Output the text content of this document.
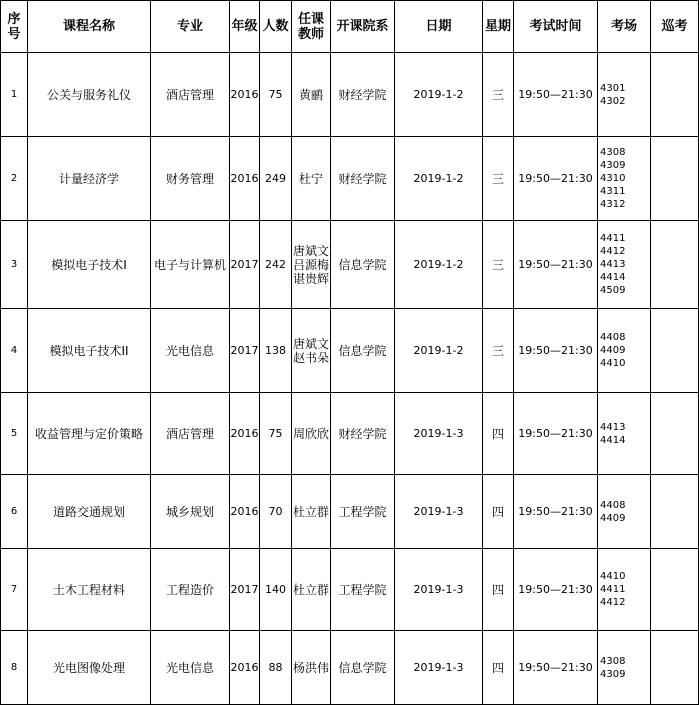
序
号	课程名称	专业	年级	人数	任课
教师	开课院系	日期	星期	考试时间	考场	巡考
1	公关与服务礼仪	酒店管理	2016	75	黄鹂	财经学院	2019-1-2	三	19:50—21:30	4301
4302	
2	计量经济学	财务管理	2016	249	杜宁	财经学院	2019-1-2	三	19:50—21:30	4308
4309
4310
4311
4312	
3	模拟电子技术I	电子与计算机	2017	242	唐斌文
吕源梅
谌贵辉	信息学院	2019-1-2	三	19:50—21:30	4411
4412
4413
4414
4509	
4	模拟电子技术II	光电信息	2017	138	唐斌文
赵书朵	信息学院	2019-1-2	三	19:50—21:30	4408
4409
4410	
5	收益管理与定价策略	酒店管理	2016	75	周欣欣	财经学院	2019-1-3	四	19:50—21:30	4413
4414	
6	道路交通规划	城乡规划	2016	70	杜立群	工程学院	2019-1-3	四	19:50—21:30	4408
4409	
7	土木工程材料	工程造价	2017	140	杜立群	工程学院	2019-1-3	四	19:50—21:30	4410
4411
4412	
8	光电图像处理	光电信息	2016	88	杨洪伟	信息学院	2019-1-3	四	19:50—21:30	4308
4309	
